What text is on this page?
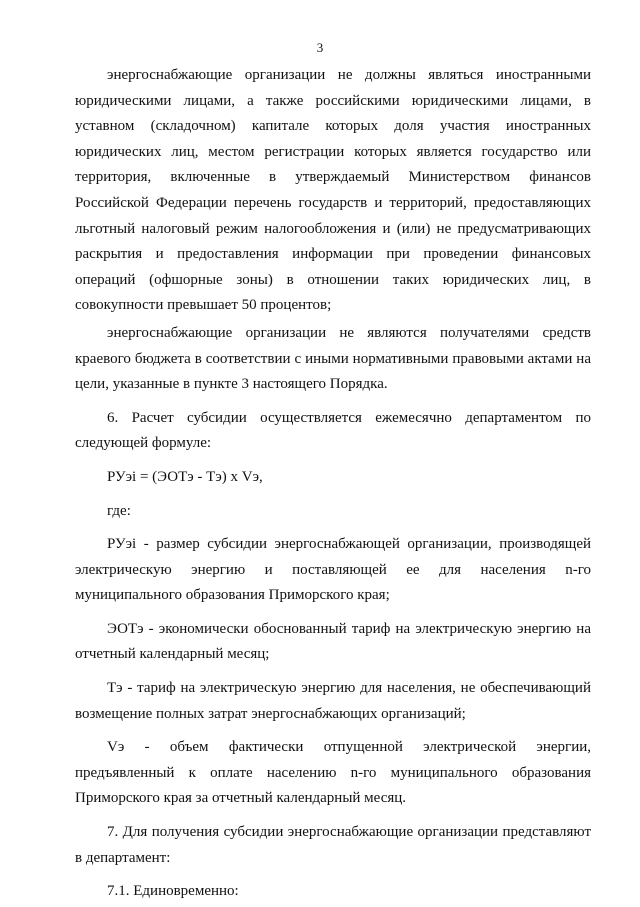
3

энергоснабжающие организации не должны являться иностранными юридическими лицами, а также российскими юридическими лицами, в уставном (складочном) капитале которых доля участия иностранных юридических лиц, местом регистрации которых является государство или территория, включенные в утверждаемый Министерством финансов Российской Федерации перечень государств и территорий, предоставляющих льготный налоговый режим налогообложения и (или) не предусматривающих раскрытия и предоставления информации при проведении финансовых операций (офшорные зоны) в отношении таких юридических лиц, в совокупности превышает 50 процентов;

энергоснабжающие организации не являются получателями средств краевого бюджета в соответствии с иными нормативными правовыми актами на цели, указанные в пункте 3 настоящего Порядка.

6. Расчет субсидии осуществляется ежемесячно департаментом по следующей формуле:

РУэi = (ЭОТэ - Тэ) х Vэ,

где:

РУэi - размер субсидии энергоснабжающей организации, производящей электрическую энергию и поставляющей ее для населения n-го муниципального образования Приморского края;

ЭОТэ - экономически обоснованный тариф на электрическую энергию на отчетный календарный месяц;

Тэ - тариф на электрическую энергию для населения, не обеспечивающий возмещение полных затрат энергоснабжающих организаций;

Vэ - объем фактически отпущенной электрической энергии, предъявленный к оплате населению n-го муниципального образования Приморского края за отчетный календарный месяц.

7. Для получения субсидии энергоснабжающие организации представляют в департамент:

7.1. Единовременно:
